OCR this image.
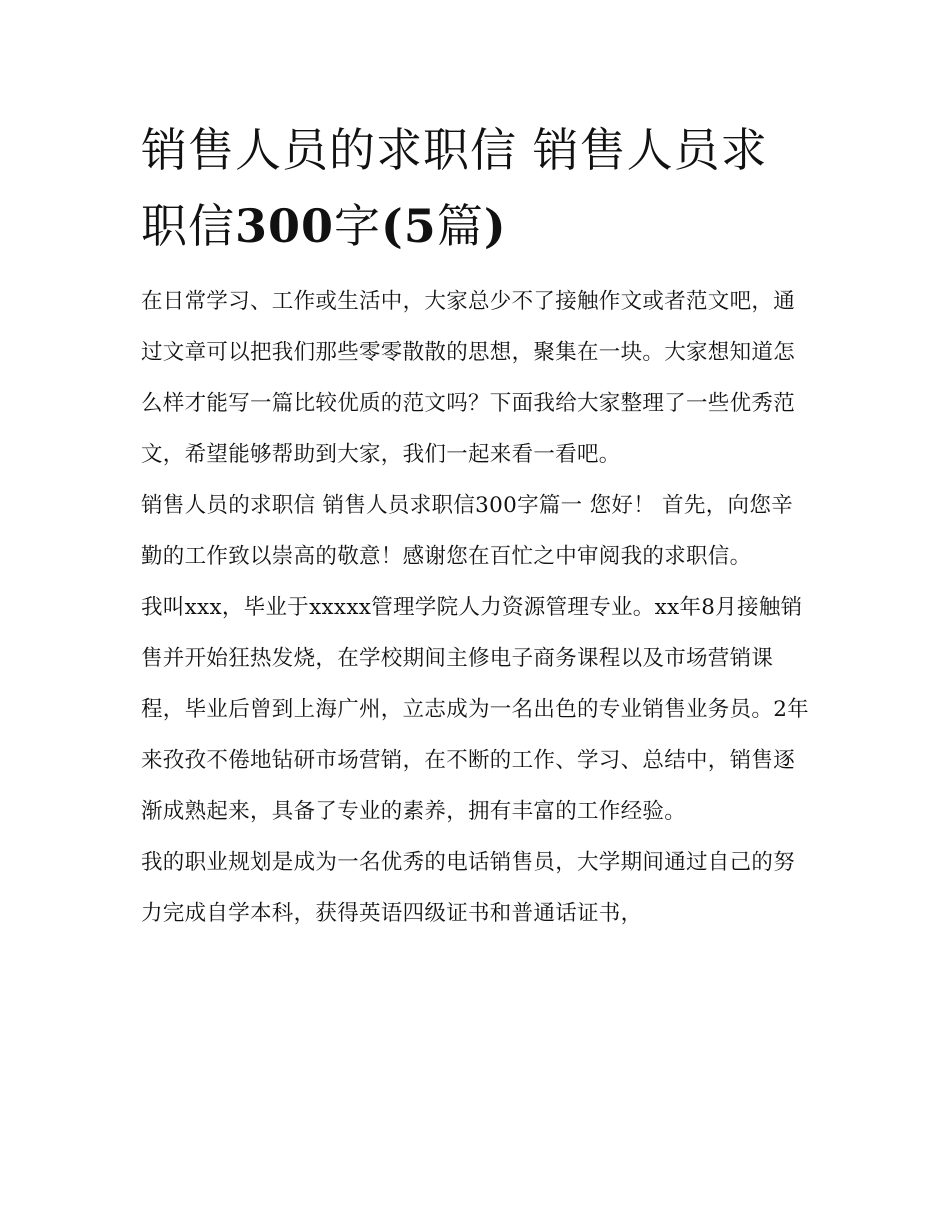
销售人员的求职信 销售人员求职信300字(5篇)

在日常学习、工作或生活中，大家总少不了接触作文或者范文吧，通过文章可以把我们那些零零散散的思想，聚集在一块。大家想知道怎么样才能写一篇比较优质的范文吗？下面我给大家整理了一些优秀范文，希望能够帮助到大家，我们一起来看一看吧。

销售人员的求职信 销售人员求职信300字篇一 您好！ 首先，向您辛勤的工作致以崇高的敬意！感谢您在百忙之中审阅我的求职信。

我叫xxx，毕业于xxxxx管理学院人力资源管理专业。xx年8月接触销售并开始狂热发烧，在学校期间主修电子商务课程以及市场营销课程，毕业后曾到上海广州，立志成为一名出色的专业销售业务员。2年来孜孜不倦地钻研市场营销，在不断的工作、学习、总结中，销售逐渐成熟起来，具备了专业的素养，拥有丰富的工作经验。

我的职业规划是成为一名优秀的电话销售员，大学期间通过自己的努力完成自学本科，获得英语四级证书和普通话证书，
